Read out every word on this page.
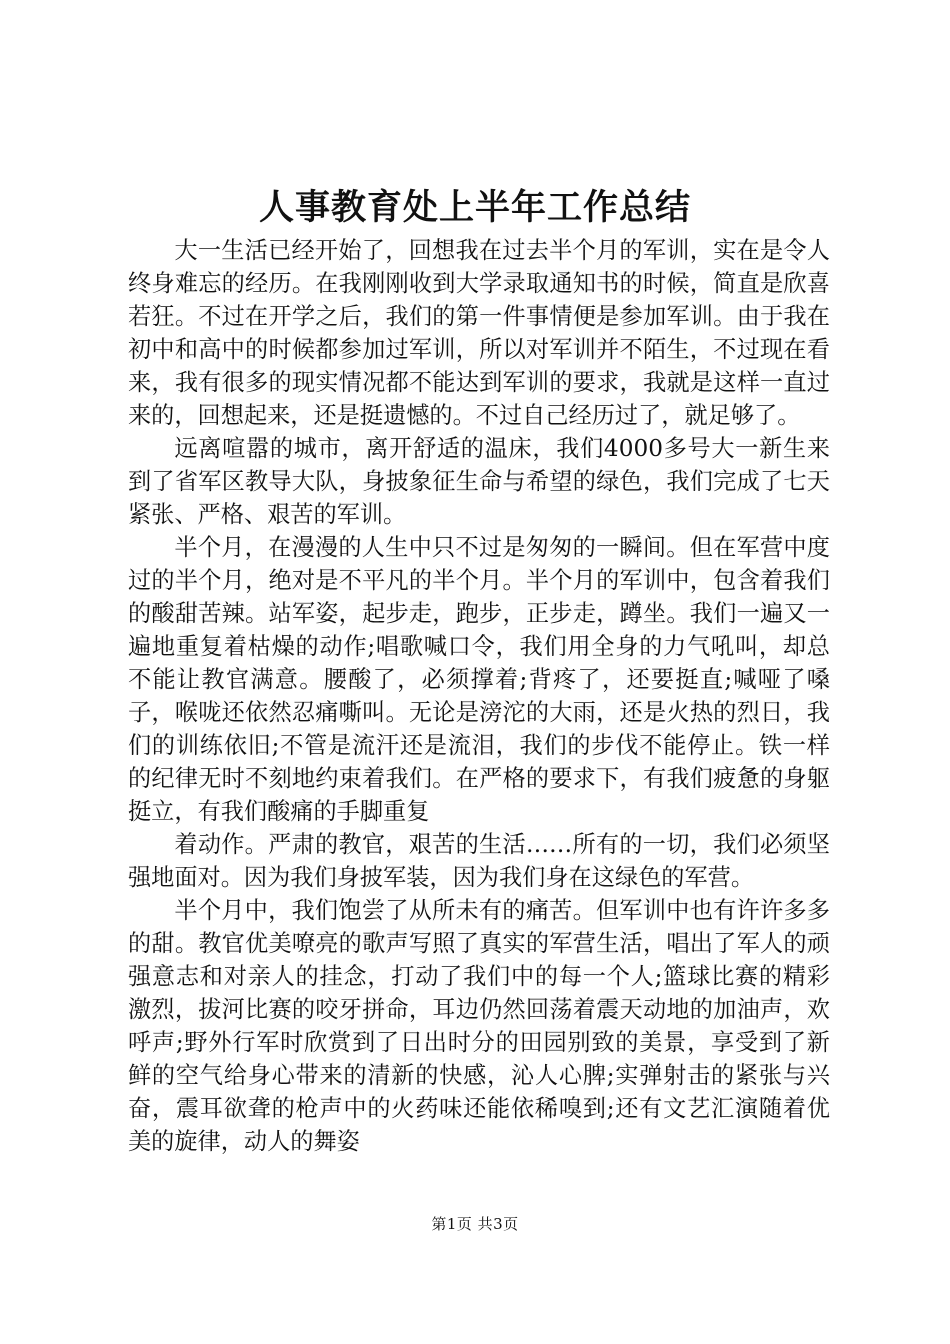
人事教育处上半年工作总结

大一生活已经开始了，回想我在过去半个月的军训，实在是令人终身难忘的经历。在我刚刚收到大学录取通知书的时候，简直是欣喜若狂。不过在开学之后，我们的第一件事情便是参加军训。由于我在初中和高中的时候都参加过军训，所以对军训并不陌生，不过现在看来，我有很多的现实情况都不能达到军训的要求，我就是这样一直过来的，回想起来，还是挺遗憾的。不过自己经历过了，就足够了。

远离喧嚣的城市，离开舒适的温床，我们4000多号大一新生来到了省军区教导大队，身披象征生命与希望的绿色，我们完成了七天紧张、严格、艰苦的军训。

半个月，在漫漫的人生中只不过是匆匆的一瞬间。但在军营中度过的半个月，绝对是不平凡的半个月。半个月的军训中，包含着我们的酸甜苦辣。站军姿，起步走，跑步，正步走，蹲坐。我们一遍又一遍地重复着枯燥的动作;唱歌喊口令，我们用全身的力气吼叫，却总不能让教官满意。腰酸了，必须撑着;背疼了，还要挺直;喊哑了嗓子，喉咙还依然忍痛嘶叫。无论是滂沱的大雨，还是火热的烈日，我们的训练依旧;不管是流汗还是流泪，我们的步伐不能停止。铁一样的纪律无时不刻地约束着我们。在严格的要求下，有我们疲惫的身躯挺立，有我们酸痛的手脚重复

着动作。严肃的教官，艰苦的生活……所有的一切，我们必须坚强地面对。因为我们身披军装，因为我们身在这绿色的军营。

半个月中，我们饱尝了从所未有的痛苦。但军训中也有许许多多的甜。教官优美嘹亮的歌声写照了真实的军营生活，唱出了军人的顽强意志和对亲人的挂念，打动了我们中的每一个人;篮球比赛的精彩激烈，拔河比赛的咬牙拼命，耳边仍然回荡着震天动地的加油声，欢呼声;野外行军时欣赏到了日出时分的田园别致的美景，享受到了新鲜的空气给身心带来的清新的快感，沁人心脾;实弹射击的紧张与兴奋，震耳欲聋的枪声中的火药味还能依稀嗅到;还有文艺汇演随着优美的旋律，动人的舞姿

第1页 共3页
